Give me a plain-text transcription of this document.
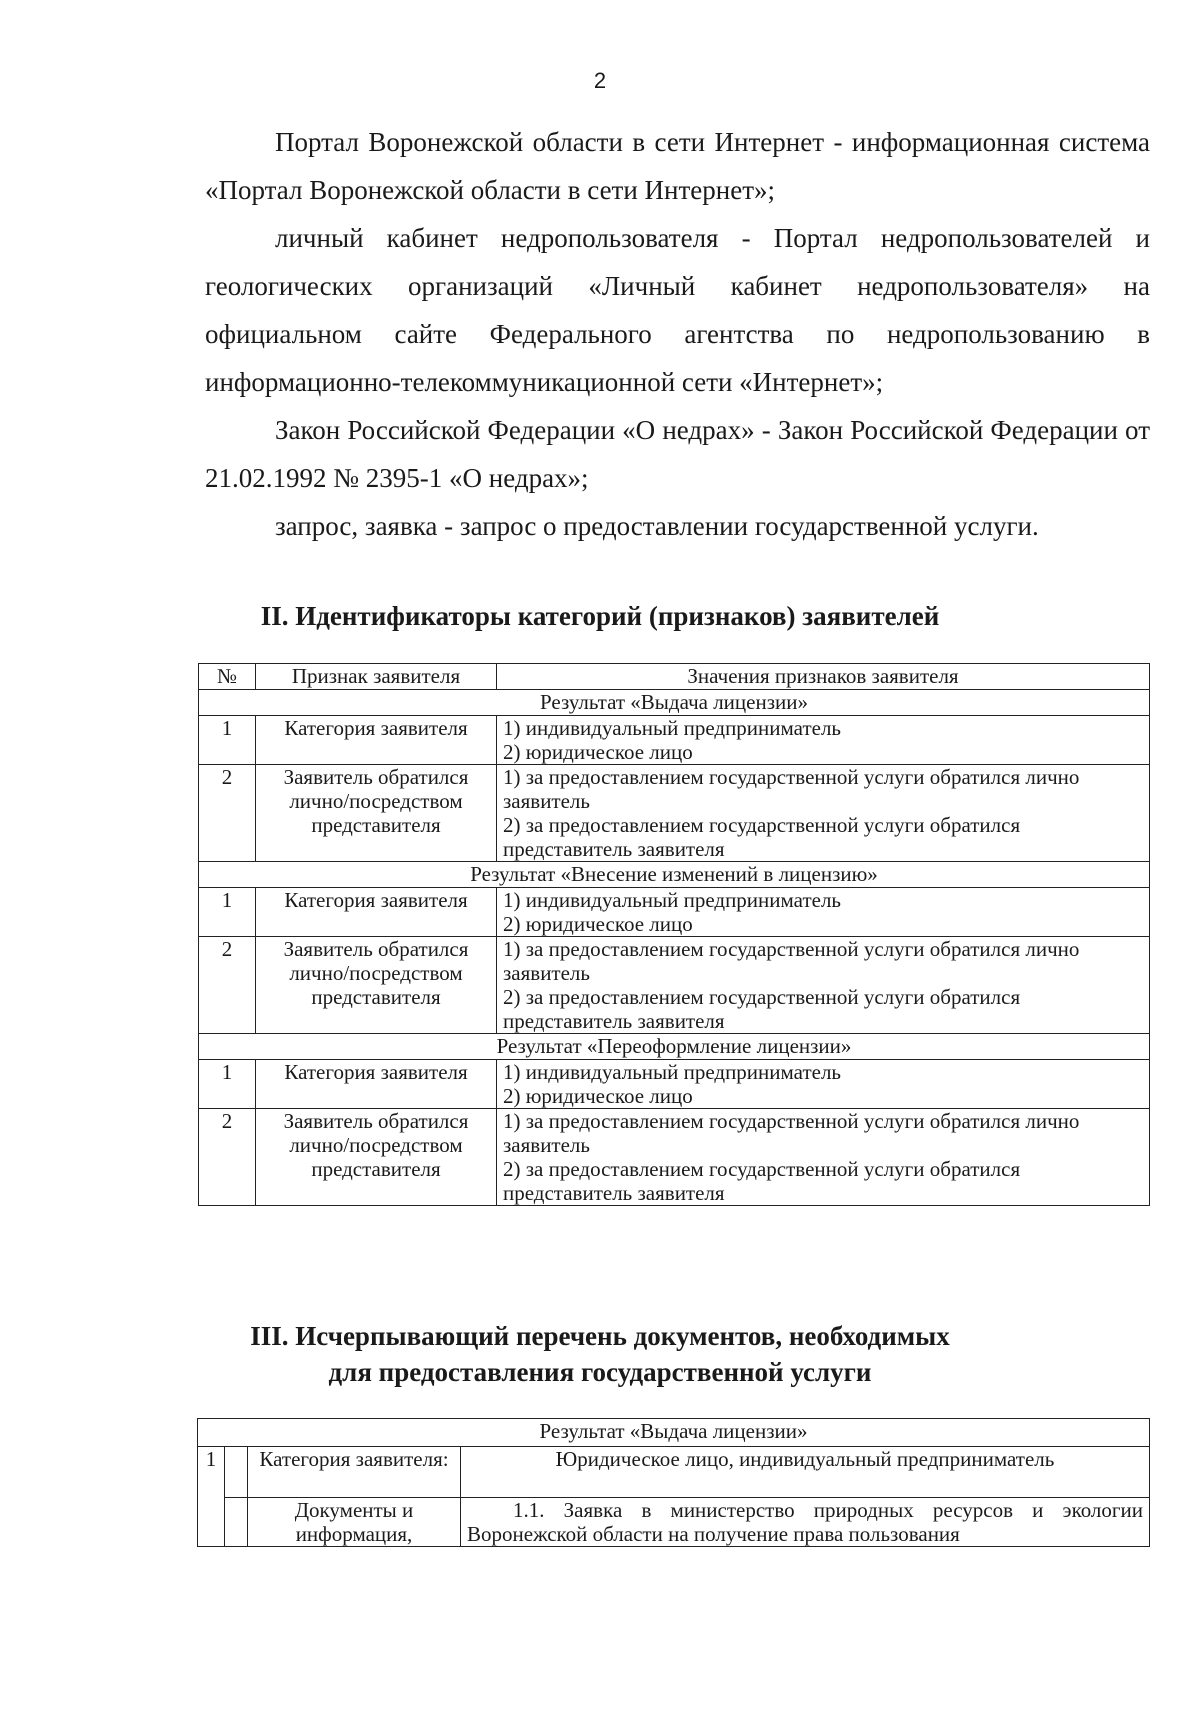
2

Портал Воронежской области в сети Интернет - информационная система «Портал Воронежской области в сети Интернет»;

личный кабинет недропользователя - Портал недропользователей и геологических организаций «Личный кабинет недропользователя» на официальном сайте Федерального агентства по недропользованию в информационно-телекоммуникационной сети «Интернет»;

Закон Российской Федерации «О недрах» - Закон Российской Федерации от 21.02.1992 № 2395-1 «О недрах»;

запрос, заявка - запрос о предоставлении государственной услуги.

II. Идентификаторы категорий (признаков) заявителей
№	Признак заявителя	Значения признаков заявителя
Результат «Выдача лицензии»		
1	Категория заявителя	1) индивидуальный предприниматель
2) юридическое лицо

2	Заявитель обратился лично/посредством представителя	1) за предоставлением государственной услуги обратился лично заявитель
2) за предоставлением государственной услуги обратился представитель заявителя

Результат «Внесение изменений в лицензию»		
1	Категория заявителя	1) индивидуальный предприниматель
2) юридическое лицо

2	Заявитель обратился лично/посредством представителя	1) за предоставлением государственной услуги обратился лично заявитель
2) за предоставлением государственной услуги обратился представитель заявителя

Результат «Переоформление лицензии»		
1	Категория заявителя	1) индивидуальный предприниматель
2) юридическое лицо

2	Заявитель обратился лично/посредством представителя	1) за предоставлением государственной услуги обратился лично заявитель
2) за предоставлением государственной услуги обратился представитель заявителя
III. Исчерпывающий перечень документов, необходимых
для предоставления государственной услуги
Результат «Выдача лицензии»			
1		Категория заявителя:	Юридическое лицо, индивидуальный предприниматель
		Документы и информация,	1.1. Заявка в министерство природных ресурсов и экологии Воронежской области на получение права пользования
